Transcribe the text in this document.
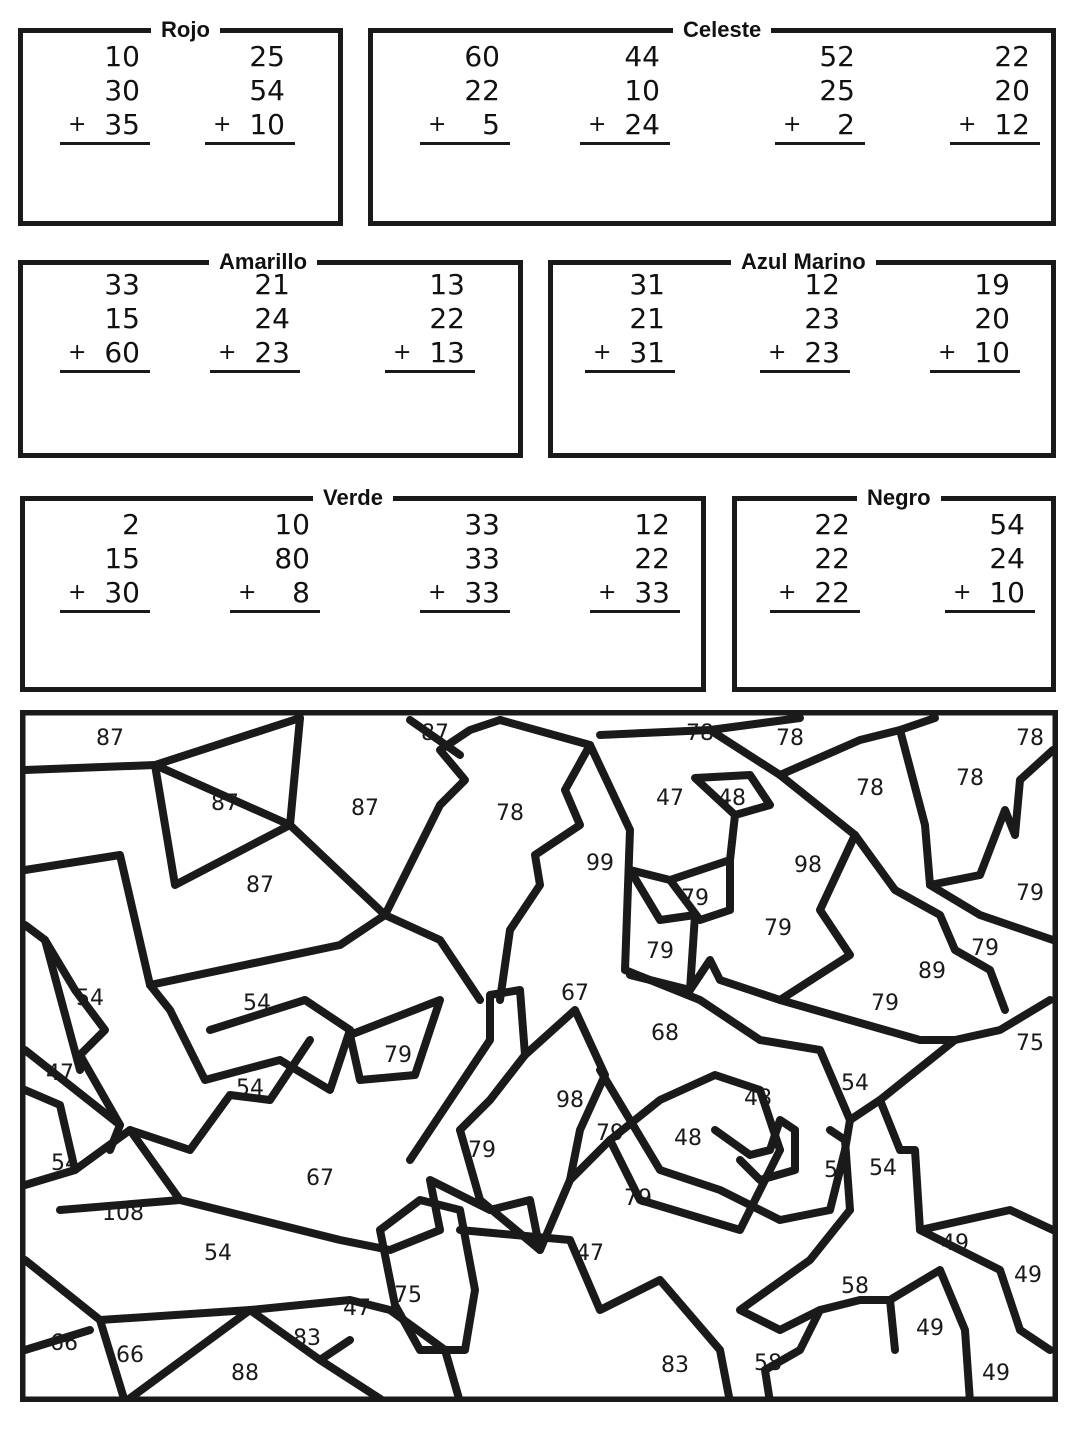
Rojo	Celeste
Amarillo	Azul Marino
Verde	Negro
87	87	78	78	78
87	87	78
47 48	78	78
87
99	98
79
79
79
79
89
79
54	54	67
68
79
75
79
47
54	98	48
54
54
108
79
79 48
54
67
54
79
54
47	49
49
47
75	58
66 66
83	49
88	83	58	49
10
30
+ 35
25
54
+ 10
60
22
+ 5
44
10
+ 24
52
25
+ 2
22
20
+ 12
33
15
+ 60
21
24
+ 23
13
22
+ 13
31
21
+ 31
12
23
+ 23
19
20
+ 10
2
15
+ 30
10
80
+ 8
33
33
+ 33
12
22
+ 33
22
22
+ 22
54
24
+ 10
